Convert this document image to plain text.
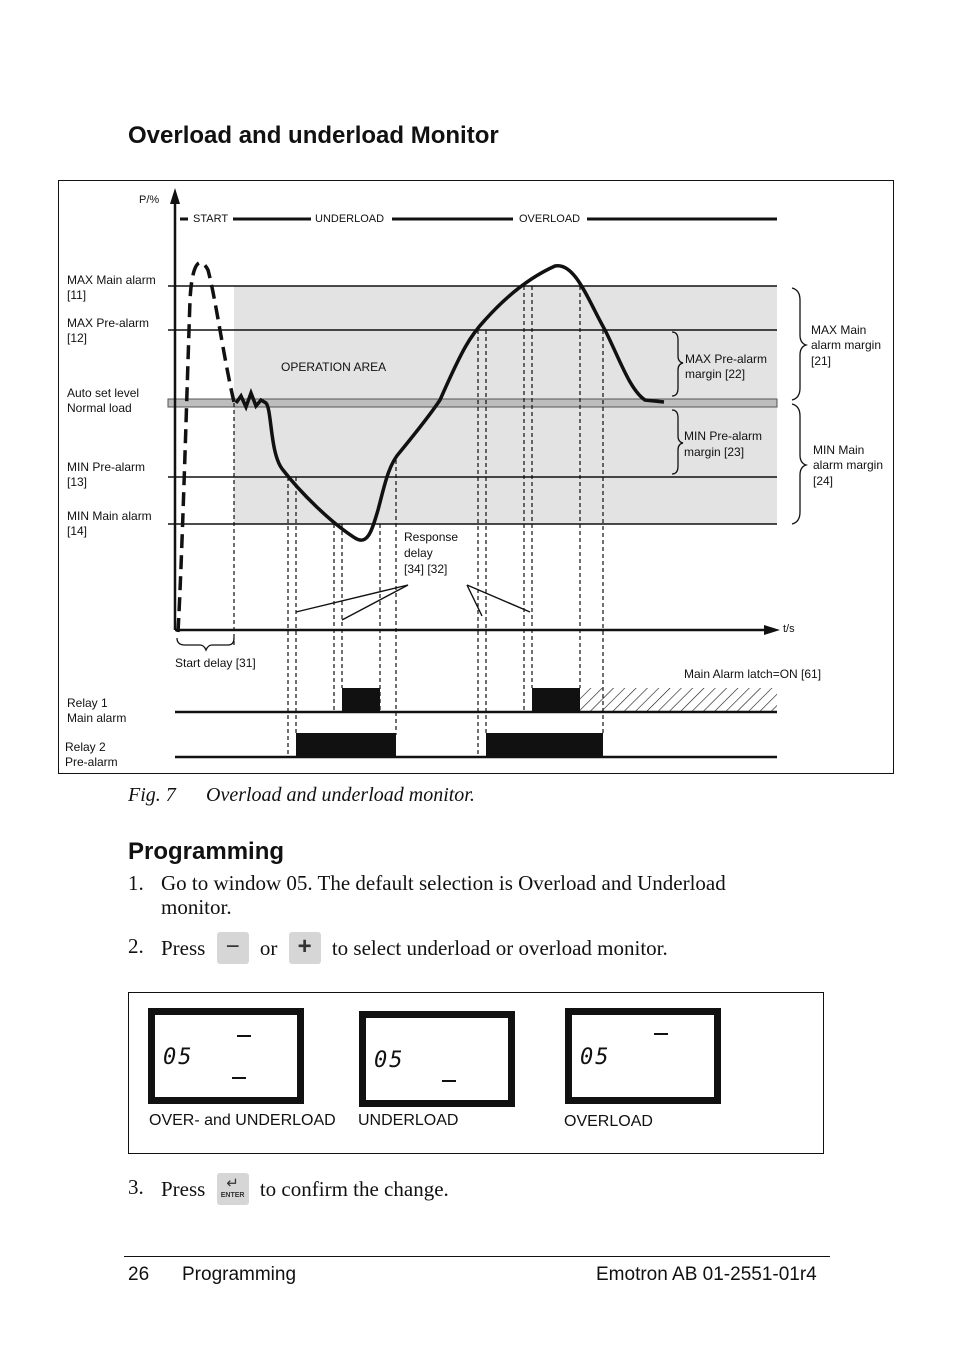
Overload and underload Monitor
P/%
t/s
START	UNDERLOAD	OVERLOAD
MAX Main alarm
[11]
MAX Pre-alarm
[12]
Auto set level
Normal load
MIN Pre-alarm
[13]
MIN Main alarm
[14]
OPERATION AREA
MAX Pre-alarm
margin [22]
MIN Pre-alarm
margin [23]
MAX Main
alarm margin
[21]
MIN Main
alarm margin
[24]
Response
delay
[34] [32]
Start delay [31]
Main Alarm latch=ON [61]
Relay 1
Main alarm
Relay 2
Pre-alarm
Fig. 7 Overload and underload monitor.
Programming
1. Go to window 05. The default selection is Overload and Underload monitor.
2. Press − or + to select underload or overload monitor.
05
OVER- and UNDERLOAD
05
UNDERLOAD
05
OVERLOAD
3. Press	↵
ENTER to confirm the change.
26 Programming	Emotron AB 01-2551-01r4
